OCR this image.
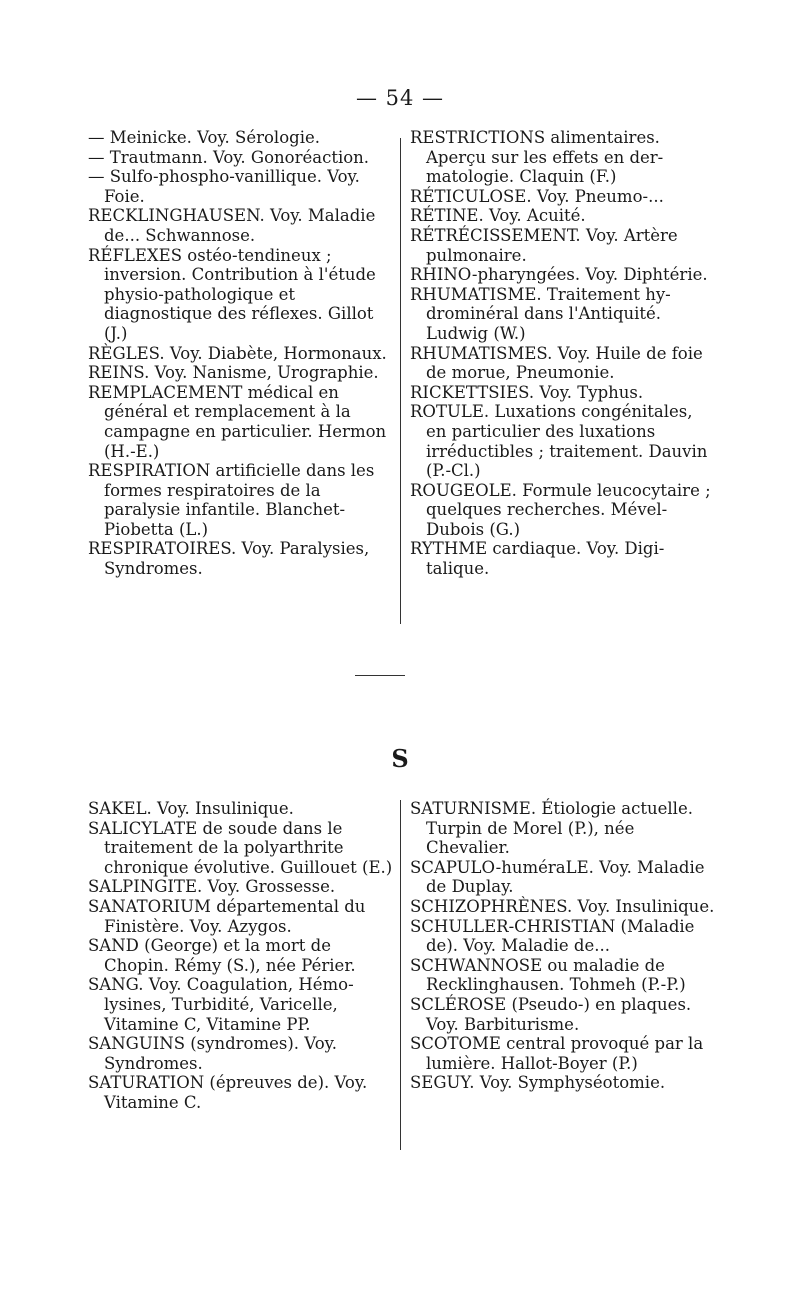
— 54 —

— Meinicke. Voy. Sérologie.

— Trautmann. Voy. Gonoréaction.

— Sulfo-phospho-vanillique. Voy. Foie.

RECKLINGHAUSEN. Voy. Maladie de... Schwannose.

RÉFLEXES ostéo-tendineux ; inversion. Contribution à l'étude physio-pathologique et diagnostique des réflexes. Gillot (J.)

RÈGLES. Voy. Diabète, Hormonaux.

REINS. Voy. Nanisme, Urographie.

REMPLACEMENT médical en général et remplacement à la campagne en particulier. Hermon (H.-E.)

RESPIRATION artificielle dans les formes respiratoires de la paralysie infantile. Blanchet-Piobetta (L.)

RESPIRATOIRES. Voy. Paralysies, Syndromes.

RESTRICTIONS alimentaires. Aperçu sur les effets en dermatologie. Claquin (F.)

RÉTICULOSE. Voy. Pneumo-...

RÉTINE. Voy. Acuité.

RÉTRÉCISSEMENT. Voy. Artère pulmonaire.

RHINO-pharyngées. Voy. Diphtérie.

RHUMATISME. Traitement hydrominéral dans l'Antiquité. Ludwig (W.)

RHUMATISMES. Voy. Huile de foie de morue, Pneumonie.

RICKETTSIES. Voy. Typhus.

ROTULE. Luxations congénitales, en particulier des luxations irréductibles ; traitement. Dauvin (P.-Cl.)

ROUGEOLE. Formule leucocytaire ; quelques recherches. Mével-Dubois (G.)

RYTHME cardiaque. Voy. Digitalique.

S

SAKEL. Voy. Insulinique.

SALICYLATE de soude dans le traitement de la polyarthrite chronique évolutive. Guillouet (E.)

SALPINGITE. Voy. Grossesse.

SANATORIUM départemental du Finistère. Voy. Azygos.

SAND (George) et la mort de Chopin. Rémy (S.), née Périer.

SANG. Voy. Coagulation, Hémolysines, Turbidité, Varicelle, Vitamine C, Vitamine PP.

SANGUINS (syndromes). Voy. Syndromes.

SATURATION (épreuves de). Voy. Vitamine C.

SATURNISME. Étiologie actuelle. Turpin de Morel (P.), née Chevalier.

SCAPULO-huméraLE. Voy. Maladie de Duplay.

SCHIZOPHRÈNES. Voy. Insulinique.

SCHULLER-CHRISTIAN (Maladie de). Voy. Maladie de...

SCHWANNOSE ou maladie de Recklinghausen. Tohmeh (P.-P.)

SCLÉROSE (Pseudo-) en plaques. Voy. Barbiturisme.

SCOTOME central provoqué par la lumière. Hallot-Boyer (P.)

SEGUY. Voy. Symphyséotomie.
